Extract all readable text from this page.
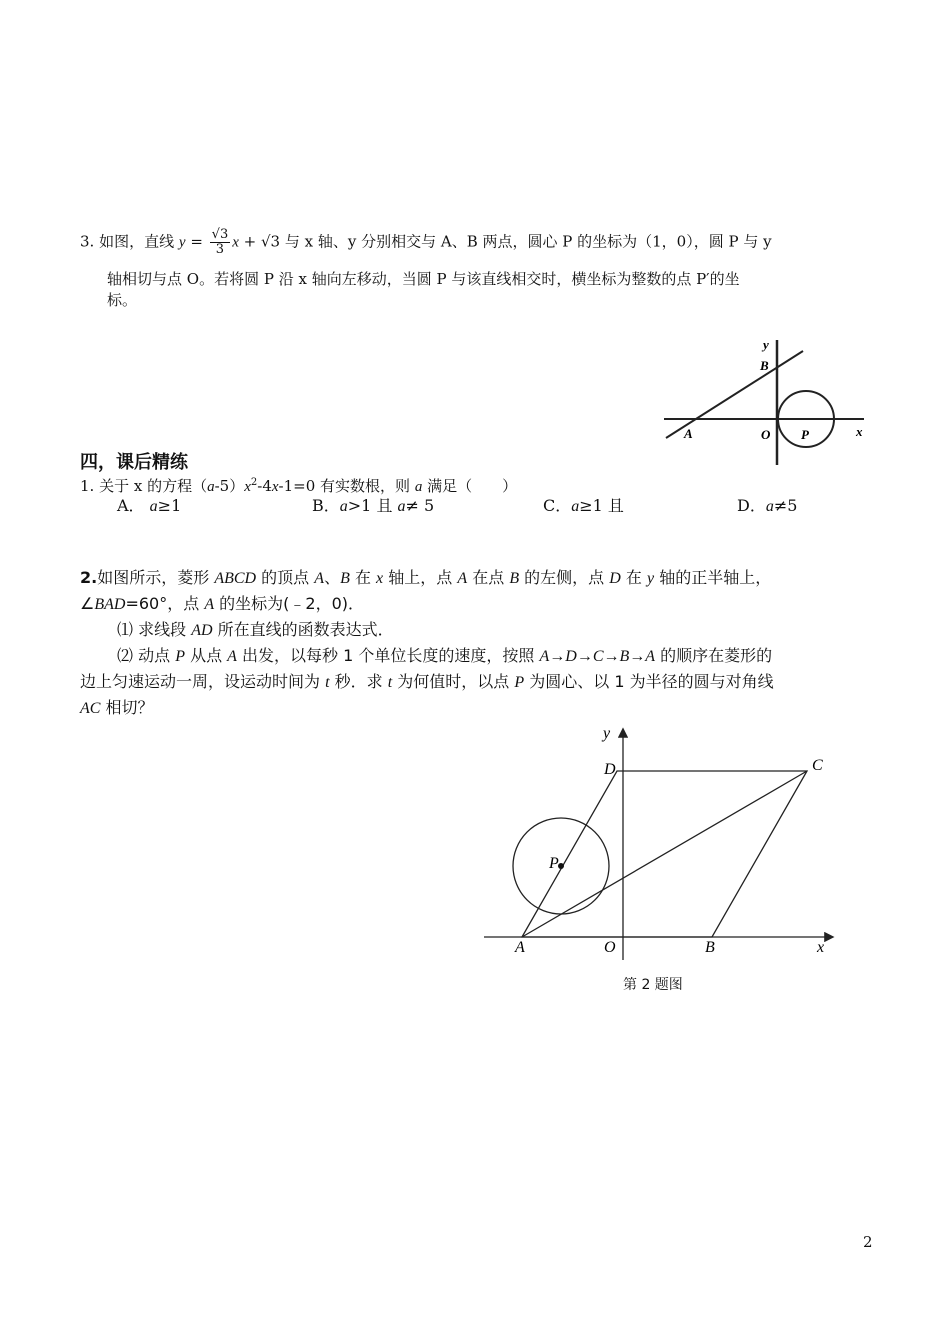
3. 如图，直线 $y = \frac{√3}{3}$ x + √3 与 x 轴、y 分别相交与 A、B 两点，圆心 P 的坐标为（1，0），圆 P 与 y
轴相切与点 O。若将圆 P 沿 x 轴向左移动，当圆 P 与该直线相交时，横坐标为整数的点 P′的坐
标。
y
B
A	O P	x
四，课后精练
1. 关于 x 的方程$(a-5)x^2-4x-1=0$ 有实数根，则 a 满足（　　）
A． a≥1	B．a>1 且 a≠ 5	C．a≥1 且	D．a≠5
2.如图所示，菱形 ABCD 的顶点 A、B 在 x 轴上，点 A 在点 B 的左侧，点 D 在 y 轴的正半轴上，
∠BAD=60°，点 A 的坐标为(﹣2，0)．
⑴ 求线段 AD 所在直线的函数表达式．
⑵ 动点 P 从点 A 出发，以每秒 1 个单位长度的速度，按照 A→D→C→B→A 的顺序在菱形的
边上匀速运动一周，设运动时间为 t 秒．求 t 为何值时，以点 P 为圆心、以 1 为半径的圆与对角线
AC 相切？
y
D	C
P
A	O	B	x
第 2 题图
2
